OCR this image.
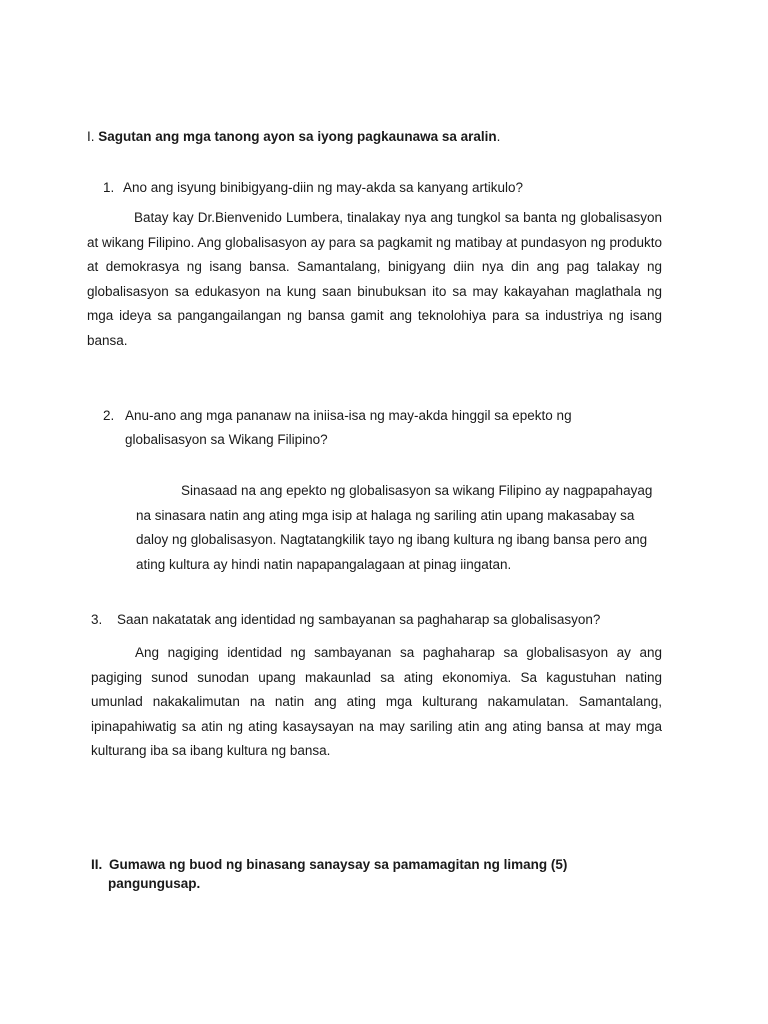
I. Sagutan ang mga tanong ayon sa iyong pagkaunawa sa aralin.
1. Ano ang isyung binibigyang-diin ng may-akda sa kanyang artikulo?
Batay kay Dr.Bienvenido Lumbera, tinalakay nya ang tungkol sa banta ng globalisasyon at wikang Filipino. Ang globalisasyon ay para sa pagkamit ng matibay at pundasyon ng produkto at demokrasya ng isang bansa. Samantalang, binigyang diin nya din ang pag talakay ng globalisasyon sa edukasyon na kung saan binubuksan ito sa may kakayahan maglathala ng mga ideya sa pangangailangan ng bansa gamit ang teknolohiya para sa industriya ng isang bansa.
2. Anu-ano ang mga pananaw na iniisa-isa ng may-akda hinggil sa epekto ng
globalisasyon sa Wikang Filipino?
Sinasaad na ang epekto ng globalisasyon sa wikang Filipino ay nagpapahayag na sinasara natin ang ating mga isip at halaga ng sariling atin upang makasabay sa daloy ng globalisasyon. Nagtatangkilik tayo ng ibang kultura ng ibang bansa pero ang ating kultura ay hindi natin napapangalagaan at pinag iingatan.
3. Saan nakatatak ang identidad ng sambayanan sa paghaharap sa globalisasyon?
Ang nagiging identidad ng sambayanan sa paghaharap sa globalisasyon ay ang pagiging sunod sunodan upang makaunlad sa ating ekonomiya. Sa kagustuhan nating umunlad nakakalimutan na natin ang ating mga kulturang nakamulatan. Samantalang, ipinapahiwatig sa atin ng ating kasaysayan na may sariling atin ang ating bansa at may mga kulturang iba sa ibang kultura ng bansa.
II. Gumawa ng buod ng binasang sanaysay sa pamamagitan ng limang (5)
pangungusap.
